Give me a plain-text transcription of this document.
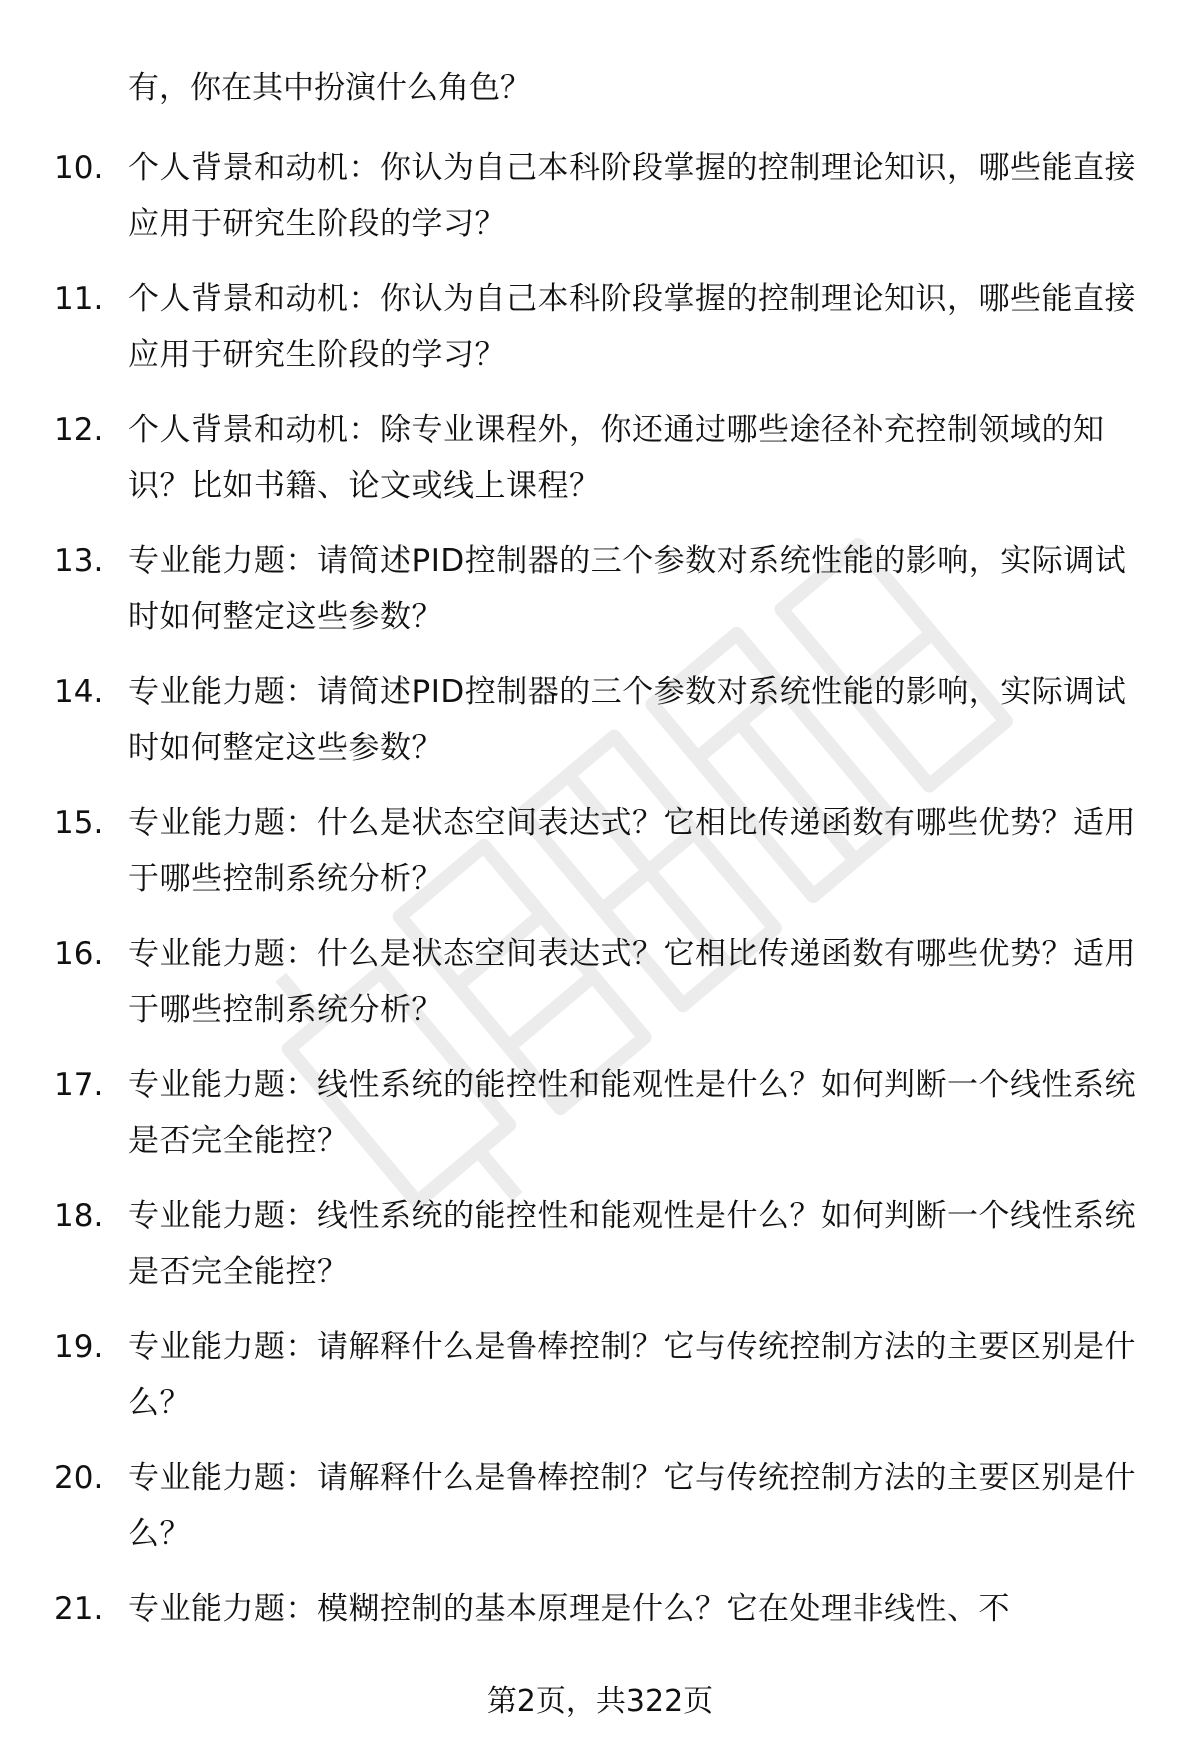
有，你在其中扮演什么角色？
10. 个人背景和动机：你认为自己本科阶段掌握的控制理论知识，哪些能直接应用于研究生阶段的学习？
11. 个人背景和动机：你认为自己本科阶段掌握的控制理论知识，哪些能直接应用于研究生阶段的学习？
12. 个人背景和动机：除专业课程外，你还通过哪些途径补充控制领域的知识？比如书籍、论文或线上课程？
13. 专业能力题：请简述PID控制器的三个参数对系统性能的影响，实际调试时如何整定这些参数？
14. 专业能力题：请简述PID控制器的三个参数对系统性能的影响，实际调试时如何整定这些参数？
15. 专业能力题：什么是状态空间表达式？它相比传递函数有哪些优势？适用于哪些控制系统分析？
16. 专业能力题：什么是状态空间表达式？它相比传递函数有哪些优势？适用于哪些控制系统分析？
17. 专业能力题：线性系统的能控性和能观性是什么？如何判断一个线性系统是否完全能控？
18. 专业能力题：线性系统的能控性和能观性是什么？如何判断一个线性系统是否完全能控？
19. 专业能力题：请解释什么是鲁棒控制？它与传统控制方法的主要区别是什么？
20. 专业能力题：请解释什么是鲁棒控制？它与传统控制方法的主要区别是什么？
21. 专业能力题：模糊控制的基本原理是什么？它在处理非线性、不
第2页，共322页
